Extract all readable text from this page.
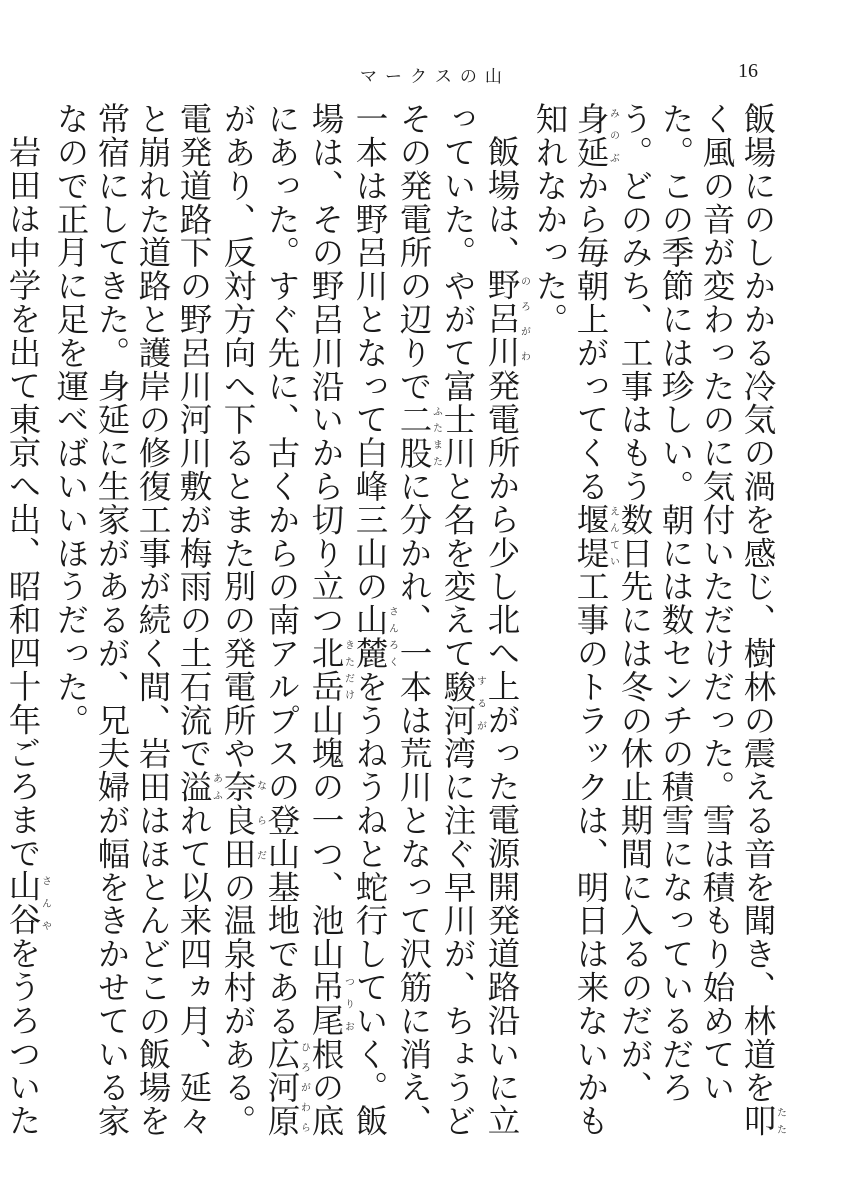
マークスの山	16

飯場にのしかかる冷気の渦を感じ、樹林の震える音を聞き、林道を叩たたく風の音が変わったのに気付いただけだった。雪は積もり始めていた。この季節には珍しい。朝には数センチの積雪になっているだろう。どのみち、工事はもう数日先には冬の休止期間に入るのだが、身延みのぶから毎朝上がってくる堰堤えんてい工事のトラックは、明日は来ないかも知れなかった。

飯場は、野呂川のろがわ発電所から少し北へ上がった電源開発道路沿いに立っていた。やがて富士川と名を変えて駿河するが湾に注ぐ早川が、ちょうどその発電所の辺りで二股ふたまたに分かれ、一本は荒川となって沢筋に消え、一本は野呂川となって白峰三山の山麓さんろくをうねうねと蛇行していく。飯場は、その野呂川沿いから切り立つ北岳きただけ山塊の一つ、池山吊尾つりお根の底にあった。すぐ先に、古くからの南アルプスの登山基地である広河原ひろがわらがあり、反対方向へ下るとまた別の発電所や奈良田ならだの温泉村がある。電発道路下の野呂川河川敷が梅雨の土石流で溢あふれて以来四ヵ月、延々と崩れた道路と護岸の修復工事が続く間、岩田はほとんどこの飯場を常宿にしてきた。身延に生家があるが、兄夫婦が幅をきかせている家なので正月に足を運べばいいほうだった。

岩田は中学を出て東京へ出、昭和四十年ごろまで山谷さんやをうろついた
